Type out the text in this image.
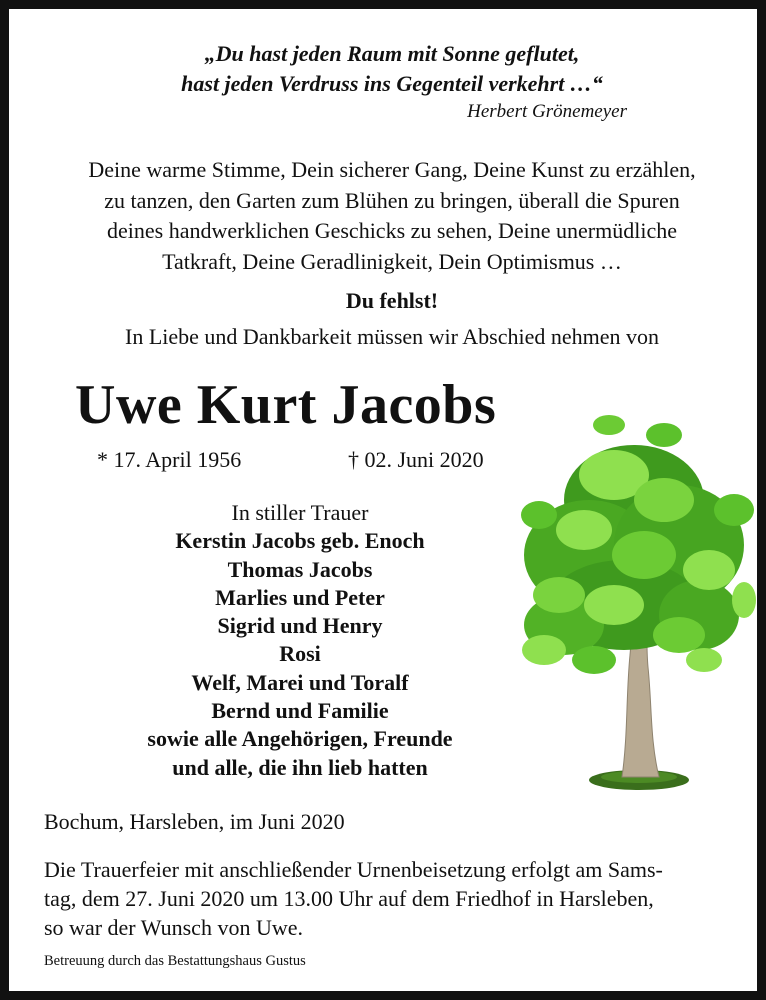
„Du hast jeden Raum mit Sonne geflutet,
hast jeden Verdruss ins Gegenteil verkehrt …“
Herbert Grönemeyer
Deine warme Stimme, Dein sicherer Gang, Deine Kunst zu erzählen,
zu tanzen, den Garten zum Blühen zu bringen, überall die Spuren
deines handwerklichen Geschicks zu sehen, Deine unermüdliche
Tatkraft, Deine Geradlinigkeit, Dein Optimismus …
Du fehlst!
In Liebe und Dankbarkeit müssen wir Abschied nehmen von
Uwe Kurt Jacobs
* 17. April 1956	† 02. Juni 2020
In stiller Trauer
Kerstin Jacobs geb. Enoch
Thomas Jacobs
Marlies und Peter
Sigrid und Henry
Rosi
Welf, Marei und Toralf
Bernd und Familie
sowie alle Angehörigen, Freunde
und alle, die ihn lieb hatten
Bochum, Harsleben, im Juni 2020
Die Trauerfeier mit anschließender Urnenbeisetzung erfolgt am Sams-
tag, dem 27. Juni 2020 um 13.00 Uhr auf dem Friedhof in Harsleben,
so war der Wunsch von Uwe.
Betreuung durch das Bestattungshaus Gustus
